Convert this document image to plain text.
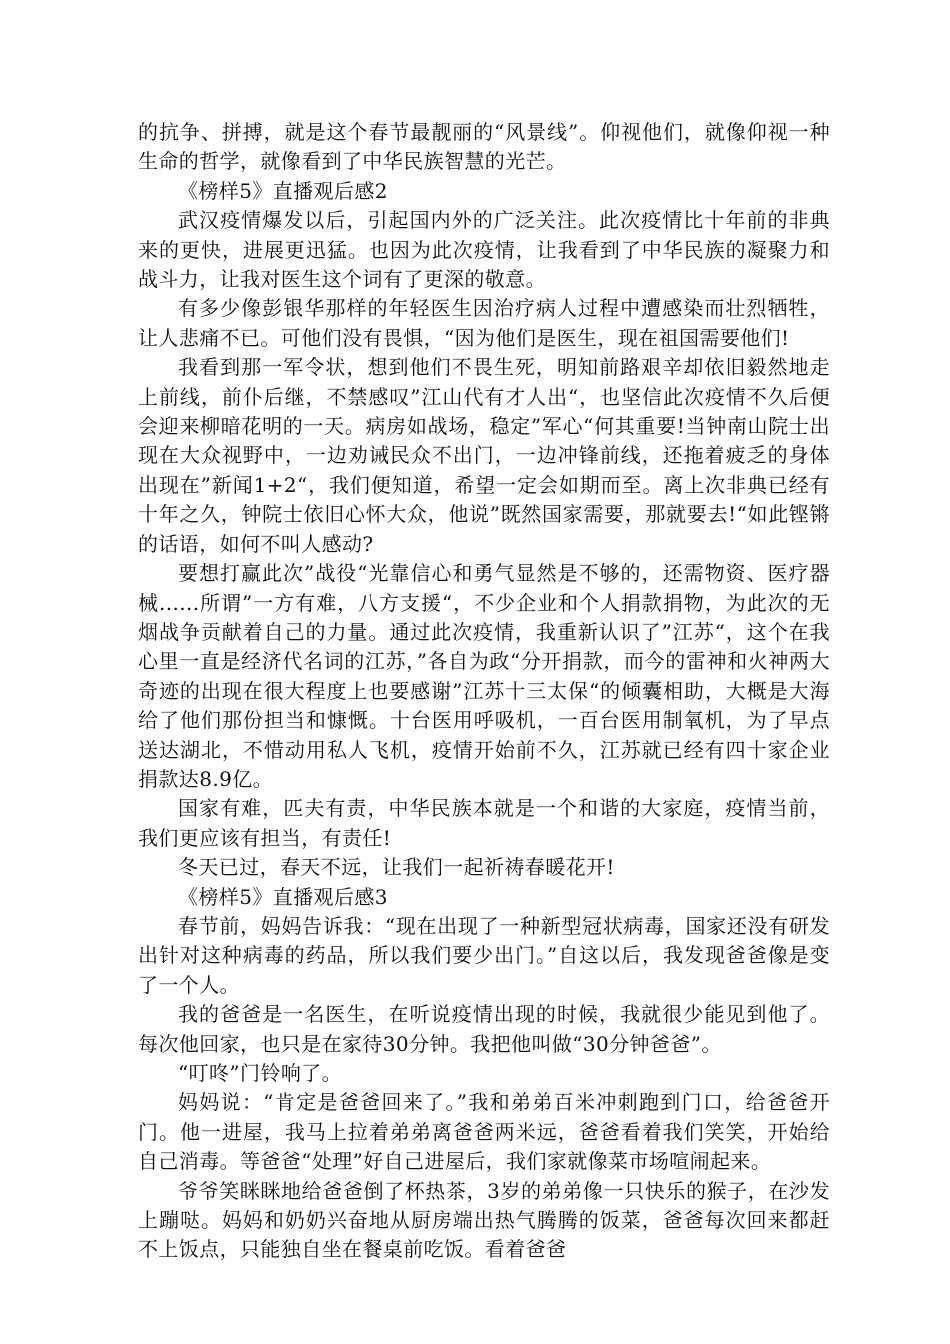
的抗争、拼搏，就是这个春节最靓丽的“风景线”。仰视他们，就像仰视一种生命的哲学，就像看到了中华民族智慧的光芒。

《榜样5》直播观后感2

武汉疫情爆发以后，引起国内外的广泛关注。此次疫情比十年前的非典来的更快，进展更迅猛。也因为此次疫情，让我看到了中华民族的凝聚力和战斗力，让我对医生这个词有了更深的敬意。

有多少像彭银华那样的年轻医生因治疗病人过程中遭感染而壮烈牺牲，让人悲痛不已。可他们没有畏惧，“因为他们是医生，现在祖国需要他们!

我看到那一军令状，想到他们不畏生死，明知前路艰辛却依旧毅然地走上前线，前仆后继，不禁感叹”江山代有才人出“，也坚信此次疫情不久后便会迎来柳暗花明的一天。病房如战场，稳定”军心“何其重要!当钟南山院士出现在大众视野中，一边劝诫民众不出门，一边冲锋前线，还拖着疲乏的身体出现在”新闻1+2“，我们便知道，希望一定会如期而至。离上次非典已经有十年之久，钟院士依旧心怀大众，他说”既然国家需要，那就要去!“如此铿锵的话语，如何不叫人感动?

要想打赢此次”战役“光靠信心和勇气显然是不够的，还需物资、医疗器械......所谓”一方有难，八方支援“，不少企业和个人捐款捐物，为此次的无烟战争贡献着自己的力量。通过此次疫情，我重新认识了”江苏“，这个在我心里一直是经济代名词的江苏，”各自为政“分开捐款，而今的雷神和火神两大奇迹的出现在很大程度上也要感谢”江苏十三太保“的倾囊相助，大概是大海给了他们那份担当和慷慨。十台医用呼吸机，一百台医用制氧机，为了早点送达湖北，不惜动用私人飞机，疫情开始前不久，江苏就已经有四十家企业捐款达8.9亿。

国家有难，匹夫有责，中华民族本就是一个和谐的大家庭，疫情当前，我们更应该有担当，有责任!

冬天已过，春天不远，让我们一起祈祷春暖花开!

《榜样5》直播观后感3

春节前，妈妈告诉我：“现在出现了一种新型冠状病毒，国家还没有研发出针对这种病毒的药品，所以我们要少出门。”自这以后，我发现爸爸像是变了一个人。

我的爸爸是一名医生，在听说疫情出现的时候，我就很少能见到他了。每次他回家，也只是在家待30分钟。我把他叫做“30分钟爸爸”。

“叮咚”门铃响了。

妈妈说：“肯定是爸爸回来了。”我和弟弟百米冲刺跑到门口，给爸爸开门。他一进屋，我马上拉着弟弟离爸爸两米远，爸爸看着我们笑笑，开始给自己消毒。等爸爸“处理”好自己进屋后，我们家就像菜市场喧闹起来。

爷爷笑眯眯地给爸爸倒了杯热茶，3岁的弟弟像一只快乐的猴子，在沙发上蹦哒。妈妈和奶奶兴奋地从厨房端出热气腾腾的饭菜，爸爸每次回来都赶不上饭点，只能独自坐在餐桌前吃饭。看着爸爸
